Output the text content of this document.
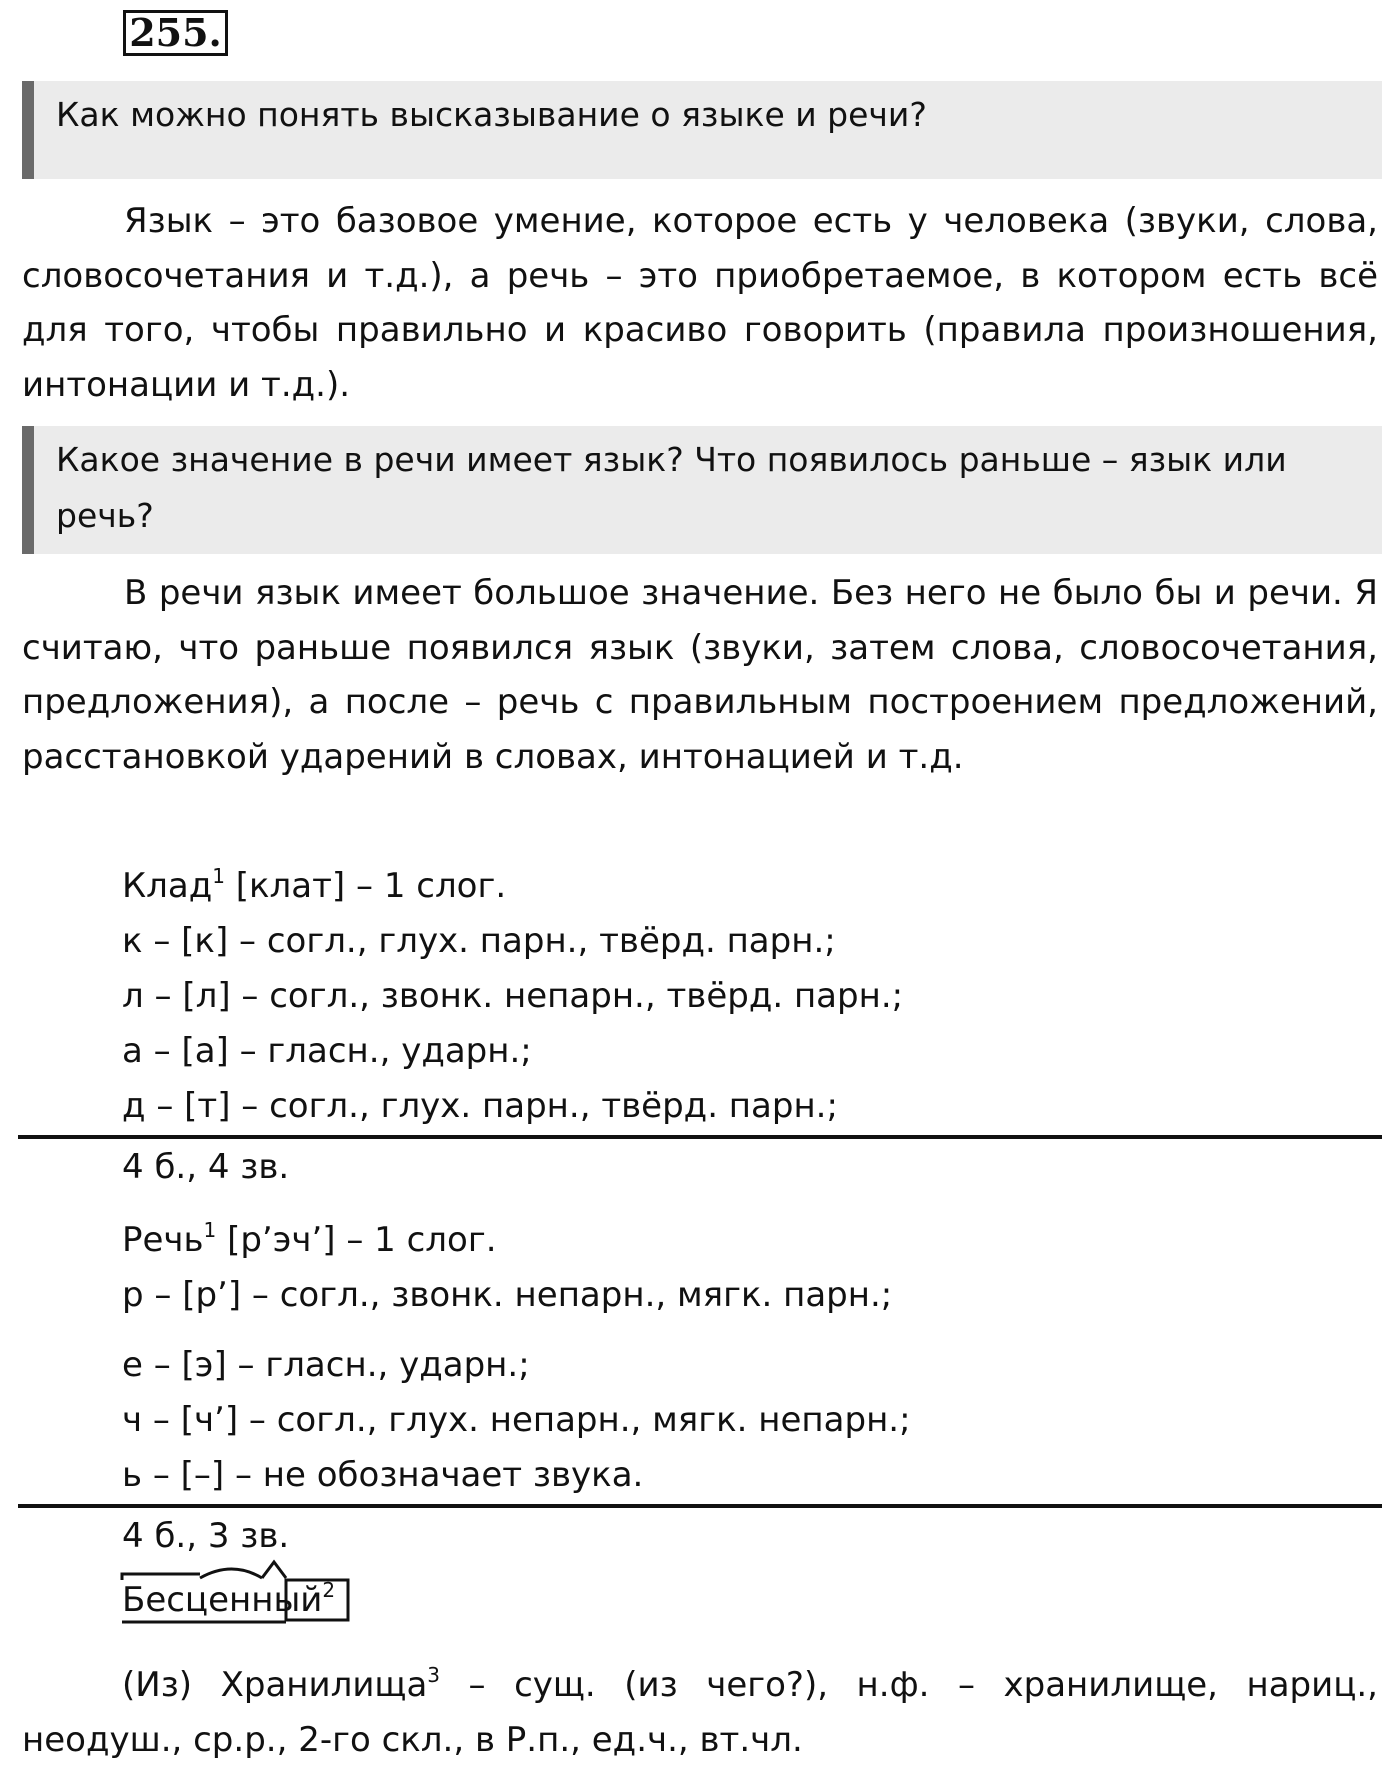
255.
Как можно понять высказывание о языке и речи?

Язык – это базовое умение, которое есть у человека (звуки, слова, словосочетания и т.д.), а речь – это приобретаемое, в котором есть всё для того, чтобы правильно и красиво говорить (правила произношения, интонации и т.д.).

Какое значение в речи имеет язык? Что появилось раньше – язык или речь?

В речи язык имеет большое значение. Без него не было бы и речи. Я считаю, что раньше появился язык (звуки, затем слова, словосочетания, предложения), а после – речь с правильным построением предложений, расстановкой ударений в словах, интонацией и т.д.

Клад$^1$ [клат] – 1 слог.
к – [к] – согл., глух. парн., твёрд. парн.;
л – [л] – согл., звонк. непарн., твёрд. парн.;
а – [а] – гласн., ударн.;
д – [т] – согл., глух. парн., твёрд. парн.;
4 б., 4 зв.
Речь$^1$ [р’эч’] – 1 слог.
р – [р’] – согл., звонк. непарн., мягк. парн.;
е – [э] – гласн., ударн.;
ч – [ч’] – согл., глух. непарн., мягк. непарн.;
ь – [–] – не обозначает звука.
4 б., 3 зв.
Бесценный$^2$

(Из) Хранилища$^3$ – сущ. (из чего?), н.ф. – хранилище, нариц., неодуш., ср.р., 2-го скл., в Р.п., ед.ч., вт.чл.
